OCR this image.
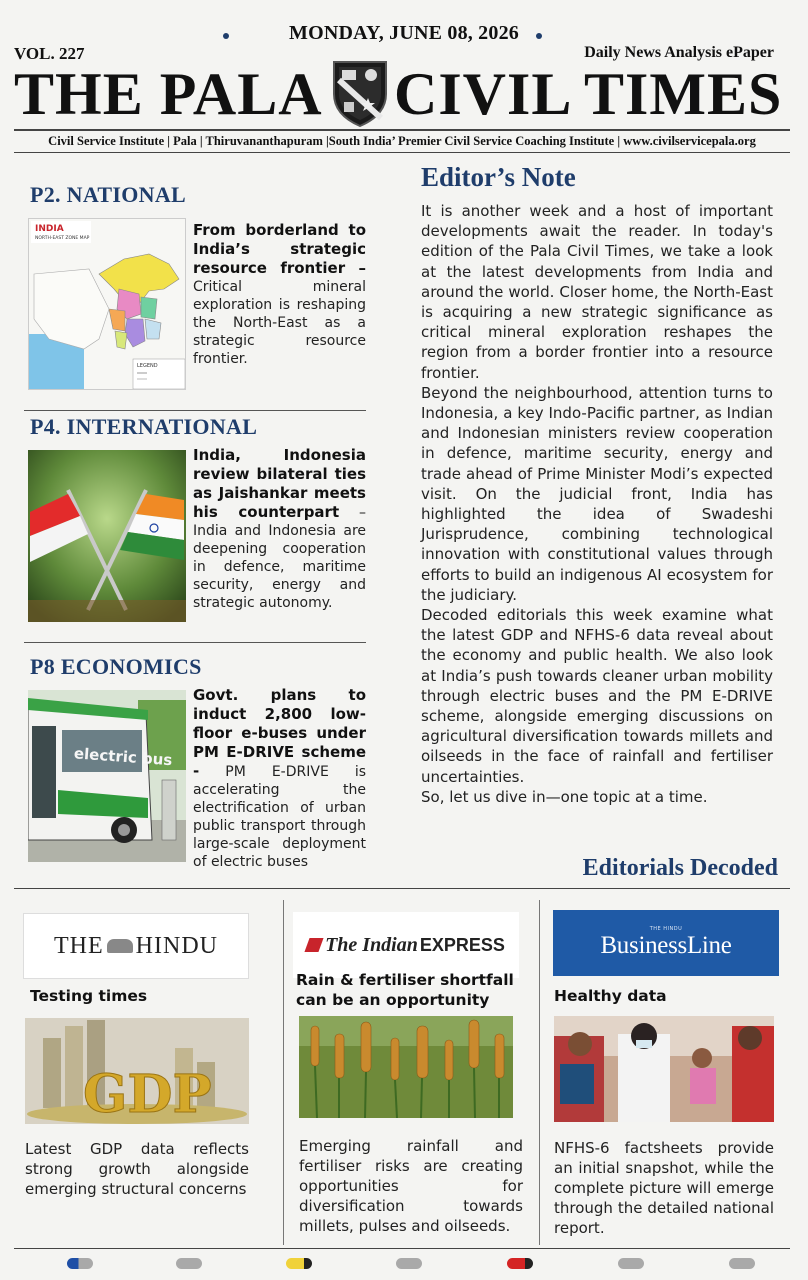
MONDAY, JUNE 08, 2026
VOL. 227	Daily News Analysis ePaper
THE PALA CIVIL TIMES
Civil Service Institute | Pala | Thiruvananthapuram |South India’ Premier Civil Service Coaching Institute | www.civilservicepala.org
P2. NATIONAL
LEGEND
INDIA
NORTH-EAST ZONE MAP	From borderland to India’s strategic resource frontier – Critical mineral exploration is reshaping the North-East as a strategic resource frontier.
P4. INTERNATIONAL
India, Indonesia review bilateral ties as Jaishankar meets his counterpart – India and Indonesia are deepening cooperation in defence, maritime security, energy and strategic autonomy.
P8 ECONOMICS
electric bus
Govt. plans to induct 2,800 low-floor e-buses under PM E-DRIVE scheme - PM E-DRIVE is accelerating the electrification of urban public transport through large-scale deployment of electric buses
Editor’s Note

It is another week and a host of important developments await the reader. In today's edition of the Pala Civil Times, we take a look at the latest developments from India and around the world. Closer home, the North-East is acquiring a new strategic significance as critical mineral exploration reshapes the region from a border frontier into a resource frontier.

Beyond the neighbourhood, attention turns to Indonesia, a key Indo-Pacific partner, as Indian and Indonesian ministers review cooperation in defence, maritime security, energy and trade ahead of Prime Minister Modi’s expected visit. On the judicial front, India has highlighted the idea of Swadeshi Jurisprudence, combining technological innovation with constitutional values through efforts to build an indigenous AI ecosystem for the judiciary.

Decoded editorials this week examine what the latest GDP and NFHS-6 data reveal about the economy and public health. We also look at India’s push towards cleaner urban mobility through electric buses and the PM E-DRIVE scheme, alongside emerging discussions on agricultural diversification towards millets and oilseeds in the face of rainfall and fertiliser uncertainties.

So, let us dive in—one topic at a time.

Editorials Decoded
THE HINDU
Testing times
GDP
Latest GDP data reflects strong growth alongside emerging structural concerns
The Indian EXPRESS
Rain & fertiliser shortfall can be an opportunity
Emerging rainfall and fertiliser risks are creating opportunities for diversification towards millets, pulses and oilseeds.
THE HINDU
BusinessLine
Healthy data
NFHS-6 factsheets provide an initial snapshot, while the complete picture will emerge through the detailed national report.
